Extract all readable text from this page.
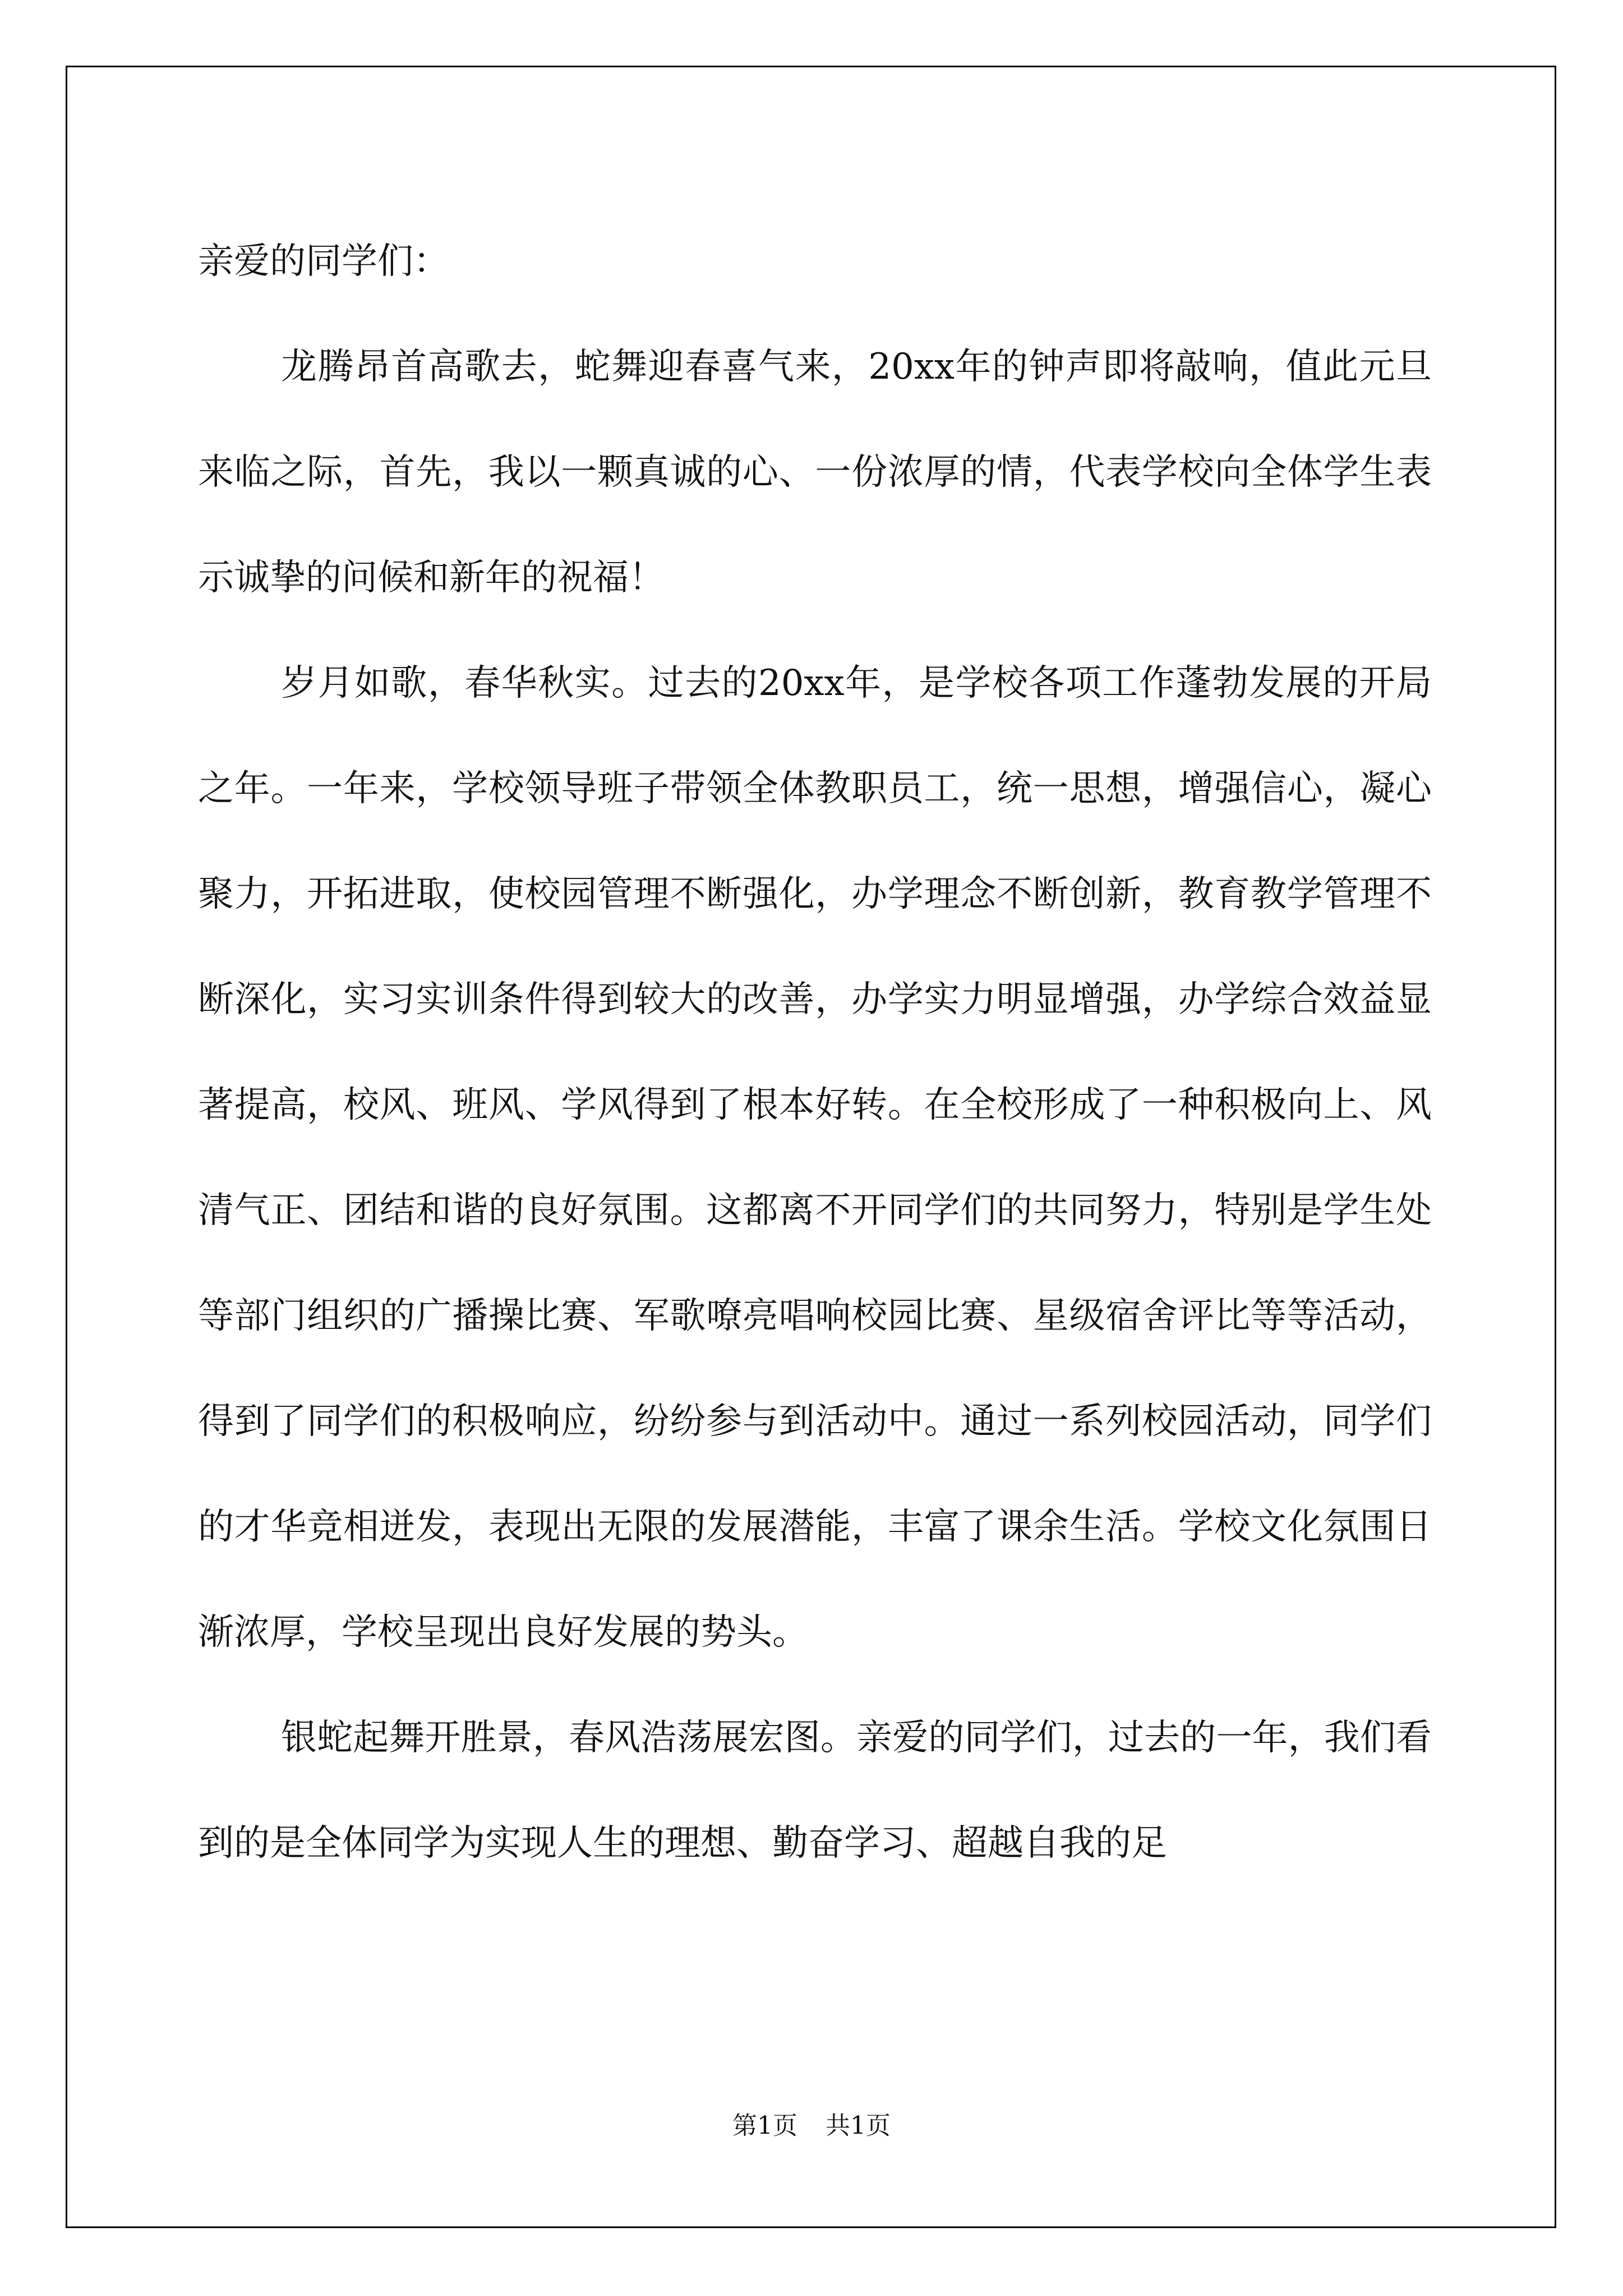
亲爱的同学们：

龙腾昂首高歌去，蛇舞迎春喜气来，20xx年的钟声即将敲响，值此元旦来临之际，首先，我以一颗真诚的心、一份浓厚的情，代表学校向全体学生表示诚挚的问候和新年的祝福！

岁月如歌，春华秋实。过去的20xx年，是学校各项工作蓬勃发展的开局之年。一年来，学校领导班子带领全体教职员工，统一思想，增强信心，凝心聚力，开拓进取，使校园管理不断强化，办学理念不断创新，教育教学管理不断深化，实习实训条件得到较大的改善，办学实力明显增强，办学综合效益显著提高，校风、班风、学风得到了根本好转。在全校形成了一种积极向上、风清气正、团结和谐的良好氛围。这都离不开同学们的共同努力，特别是学生处等部门组织的广播操比赛、军歌嘹亮唱响校园比赛、星级宿舍评比等等活动，得到了同学们的积极响应，纷纷参与到活动中。通过一系列校园活动，同学们的才华竞相迸发，表现出无限的发展潜能，丰富了课余生活。学校文化氛围日渐浓厚，学校呈现出良好发展的势头。

银蛇起舞开胜景，春风浩荡展宏图。亲爱的同学们，过去的一年，我们看到的是全体同学为实现人生的理想、勤奋学习、超越自我的足

第1页 共1页
